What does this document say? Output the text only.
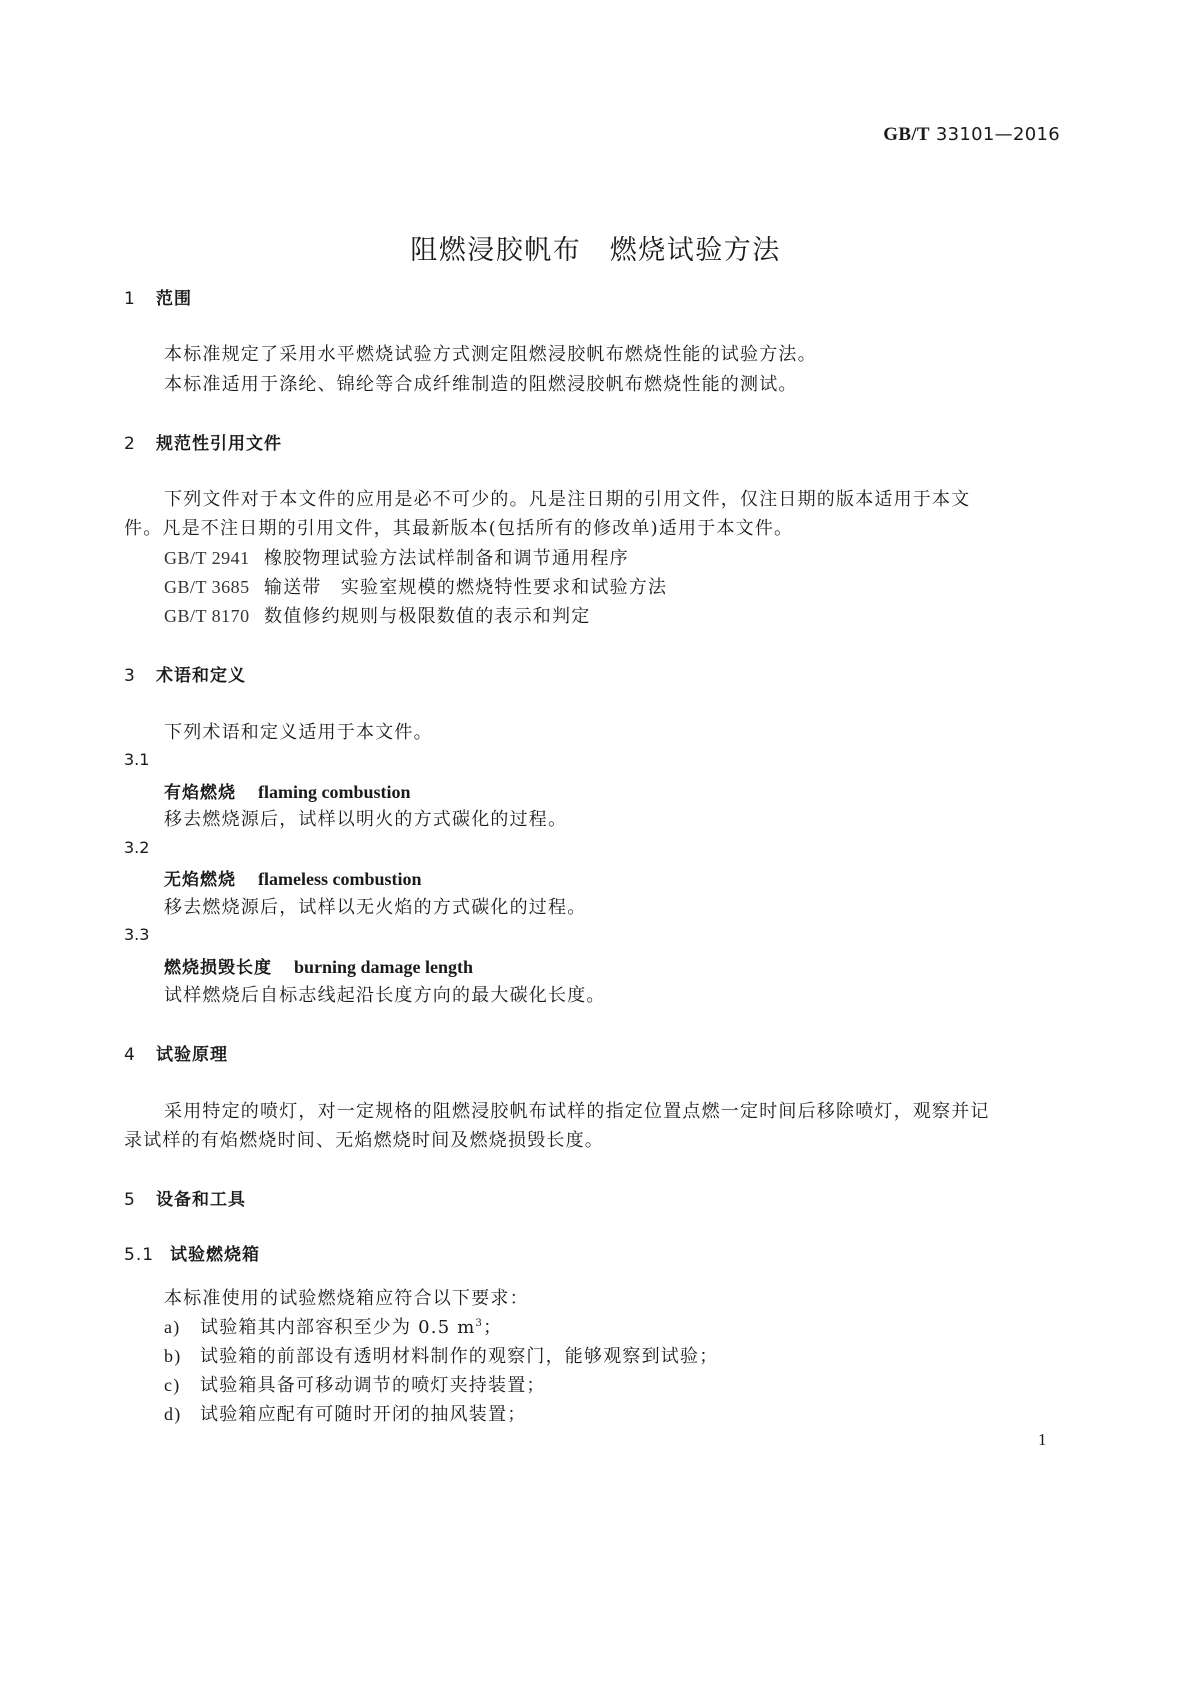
GB/T 33101—2016
阻燃浸胶帆布　燃烧试验方法
1 范围
本标准规定了采用水平燃烧试验方式测定阻燃浸胶帆布燃烧性能的试验方法。
本标准适用于涤纶、锦纶等合成纤维制造的阻燃浸胶帆布燃烧性能的测试。
2 规范性引用文件
下列文件对于本文件的应用是必不可少的。凡是注日期的引用文件，仅注日期的版本适用于本文
件。凡是不注日期的引用文件，其最新版本(包括所有的修改单)适用于本文件。
GB/T 2941 橡胶物理试验方法试样制备和调节通用程序
GB/T 3685 输送带　实验室规模的燃烧特性要求和试验方法
GB/T 8170 数值修约规则与极限数值的表示和判定
3 术语和定义
下列术语和定义适用于本文件。
3.1
有焰燃烧 flaming combustion
移去燃烧源后，试样以明火的方式碳化的过程。
3.2
无焰燃烧 flameless combustion
移去燃烧源后，试样以无火焰的方式碳化的过程。
3.3
燃烧损毁长度 burning damage length
试样燃烧后自标志线起沿长度方向的最大碳化长度。
4 试验原理
采用特定的喷灯，对一定规格的阻燃浸胶帆布试样的指定位置点燃一定时间后移除喷灯，观察并记
录试样的有焰燃烧时间、无焰燃烧时间及燃烧损毁长度。
5 设备和工具
5.1 试验燃烧箱
本标准使用的试验燃烧箱应符合以下要求：
a) 试验箱其内部容积至少为 0.5 $m^3$；
b) 试验箱的前部设有透明材料制作的观察门，能够观察到试验；
c) 试验箱具备可移动调节的喷灯夹持装置；
d) 试验箱应配有可随时开闭的抽风装置；
1
